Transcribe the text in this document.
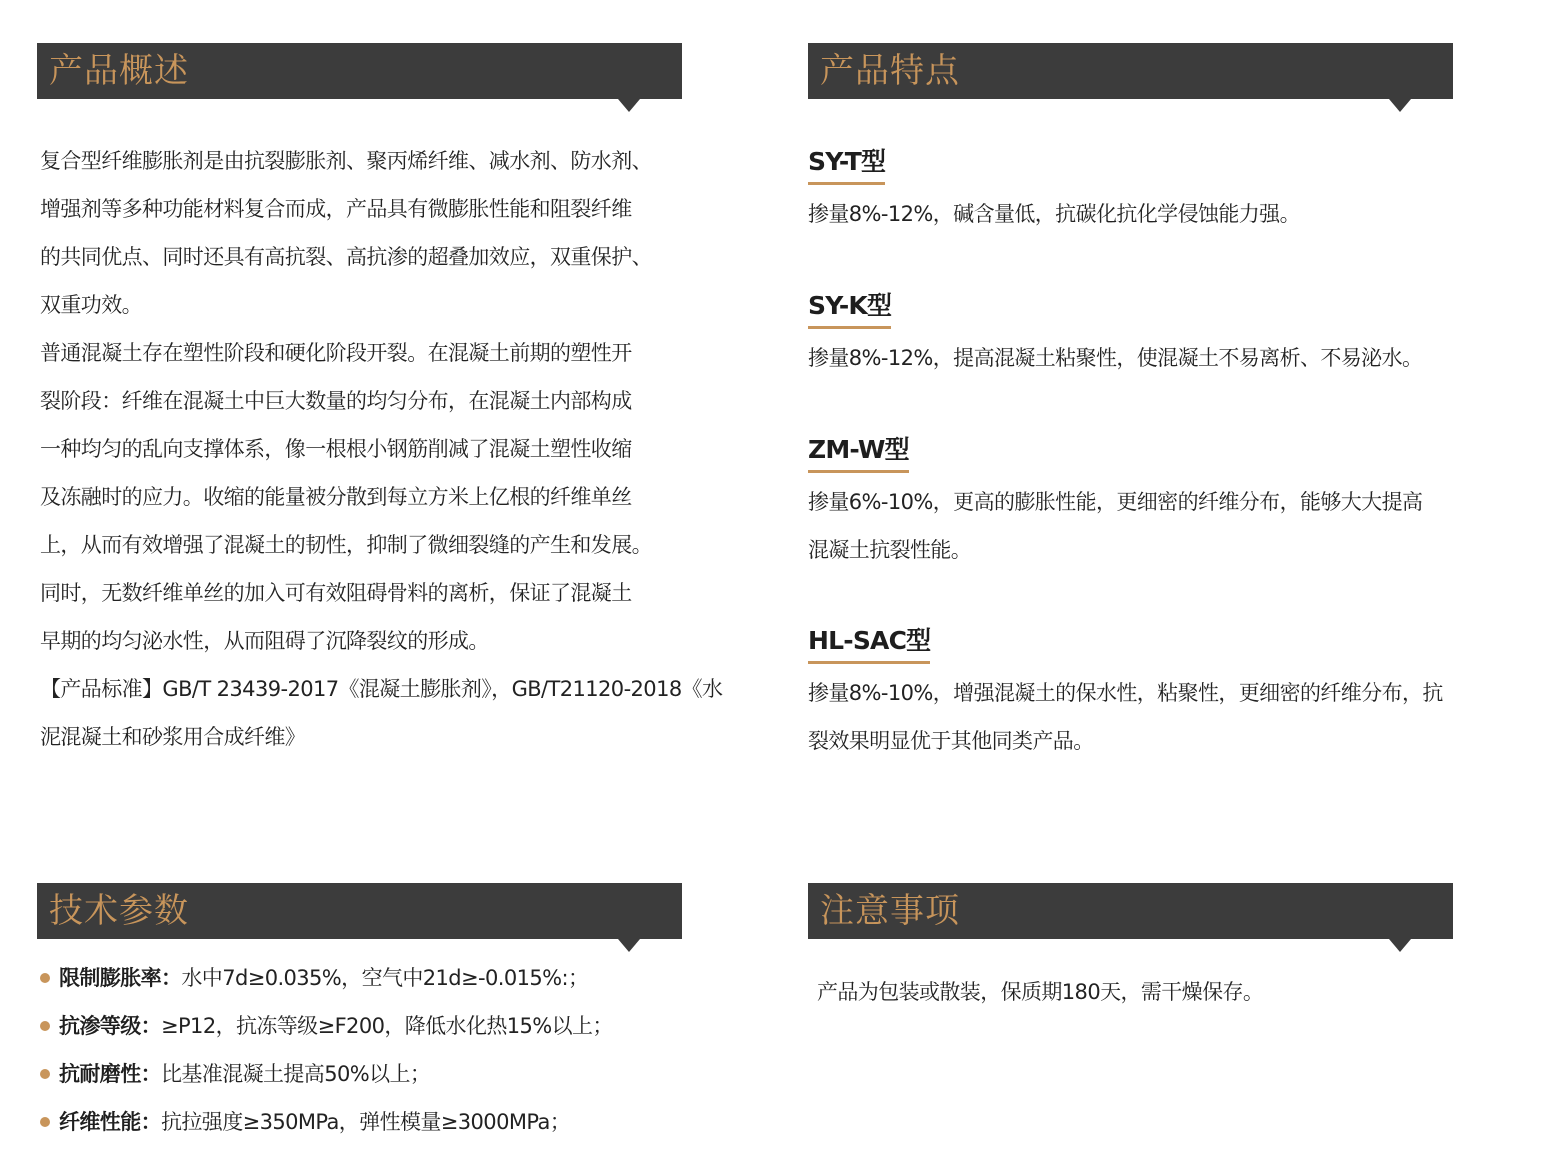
产品概述

复合型纤维膨胀剂是由抗裂膨胀剂、聚丙烯纤维、减水剂、防水剂、

增强剂等多种功能材料复合而成，产品具有微膨胀性能和阻裂纤维

的共同优点、同时还具有高抗裂、高抗渗的超叠加效应，双重保护、

双重功效。

普通混凝土存在塑性阶段和硬化阶段开裂。在混凝土前期的塑性开

裂阶段：纤维在混凝土中巨大数量的均匀分布，在混凝土内部构成

一种均匀的乱向支撑体系，像一根根小钢筋削减了混凝土塑性收缩

及冻融时的应力。收缩的能量被分散到每立方米上亿根的纤维单丝

上，从而有效增强了混凝土的韧性，抑制了微细裂缝的产生和发展。

同时，无数纤维单丝的加入可有效阻碍骨料的离析，保证了混凝土

早期的均匀泌水性，从而阻碍了沉降裂纹的形成。

【产品标准】GB/T 23439-2017《混凝土膨胀剂》，GB/T21120-2018《水

泥混凝土和砂浆用合成纤维》

产品特点
SY-T型

掺量8%-12%，碱含量低，抗碳化抗化学侵蚀能力强。

SY-K型

掺量8%-12%，提高混凝土粘聚性，使混凝土不易离析、不易泌水。

ZM-W型

掺量6%-10%，更高的膨胀性能，更细密的纤维分布，能够大大提高

混凝土抗裂性能。

HL-SAC型

掺量8%-10%，增强混凝土的保水性，粘聚性，更细密的纤维分布，抗

裂效果明显优于其他同类产品。

技术参数
限制膨胀率：水中7d≥0.035%，空气中21d≥-0.015%:；
抗渗等级：≥P12，抗冻等级≥F200，降低水化热15%以上；
抗耐磨性：比基准混凝土提高50%以上；
纤维性能：抗拉强度≥350MPa，弹性模量≥3000MPa；
注意事项

产品为包装或散装，保质期180天，需干燥保存。
